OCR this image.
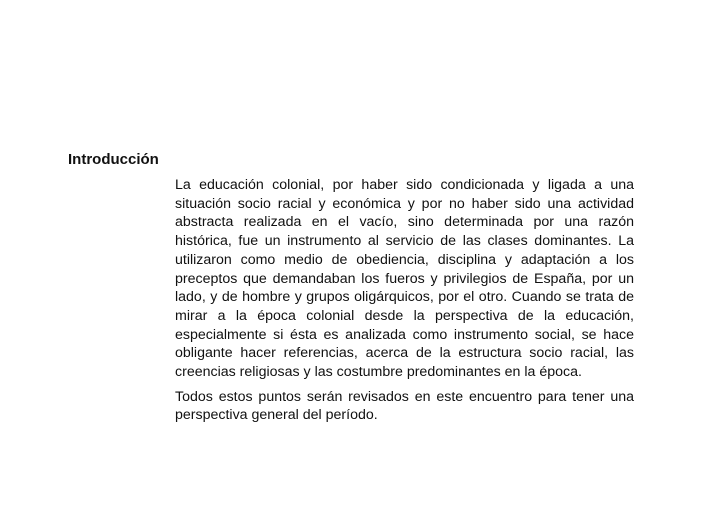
Introducción

La educación colonial, por haber sido condicionada y ligada a una situación socio racial y económica y por no haber sido una actividad abstracta realizada en el vacío, sino determinada por una razón histórica, fue un instrumento al servicio de las clases dominantes. La utilizaron como medio de obediencia, disciplina y adaptación a los preceptos que demandaban los fueros y privilegios de España, por un lado, y de hombre y grupos oligárquicos, por el otro. Cuando se trata de mirar a la época colonial desde la perspectiva de la educación, especialmente si ésta es analizada como instrumento social, se hace obligante hacer referencias, acerca de la estructura socio racial, las creencias religiosas y las costumbre predominantes en la época.

Todos estos puntos serán revisados en este encuentro para tener una perspectiva general del período.
